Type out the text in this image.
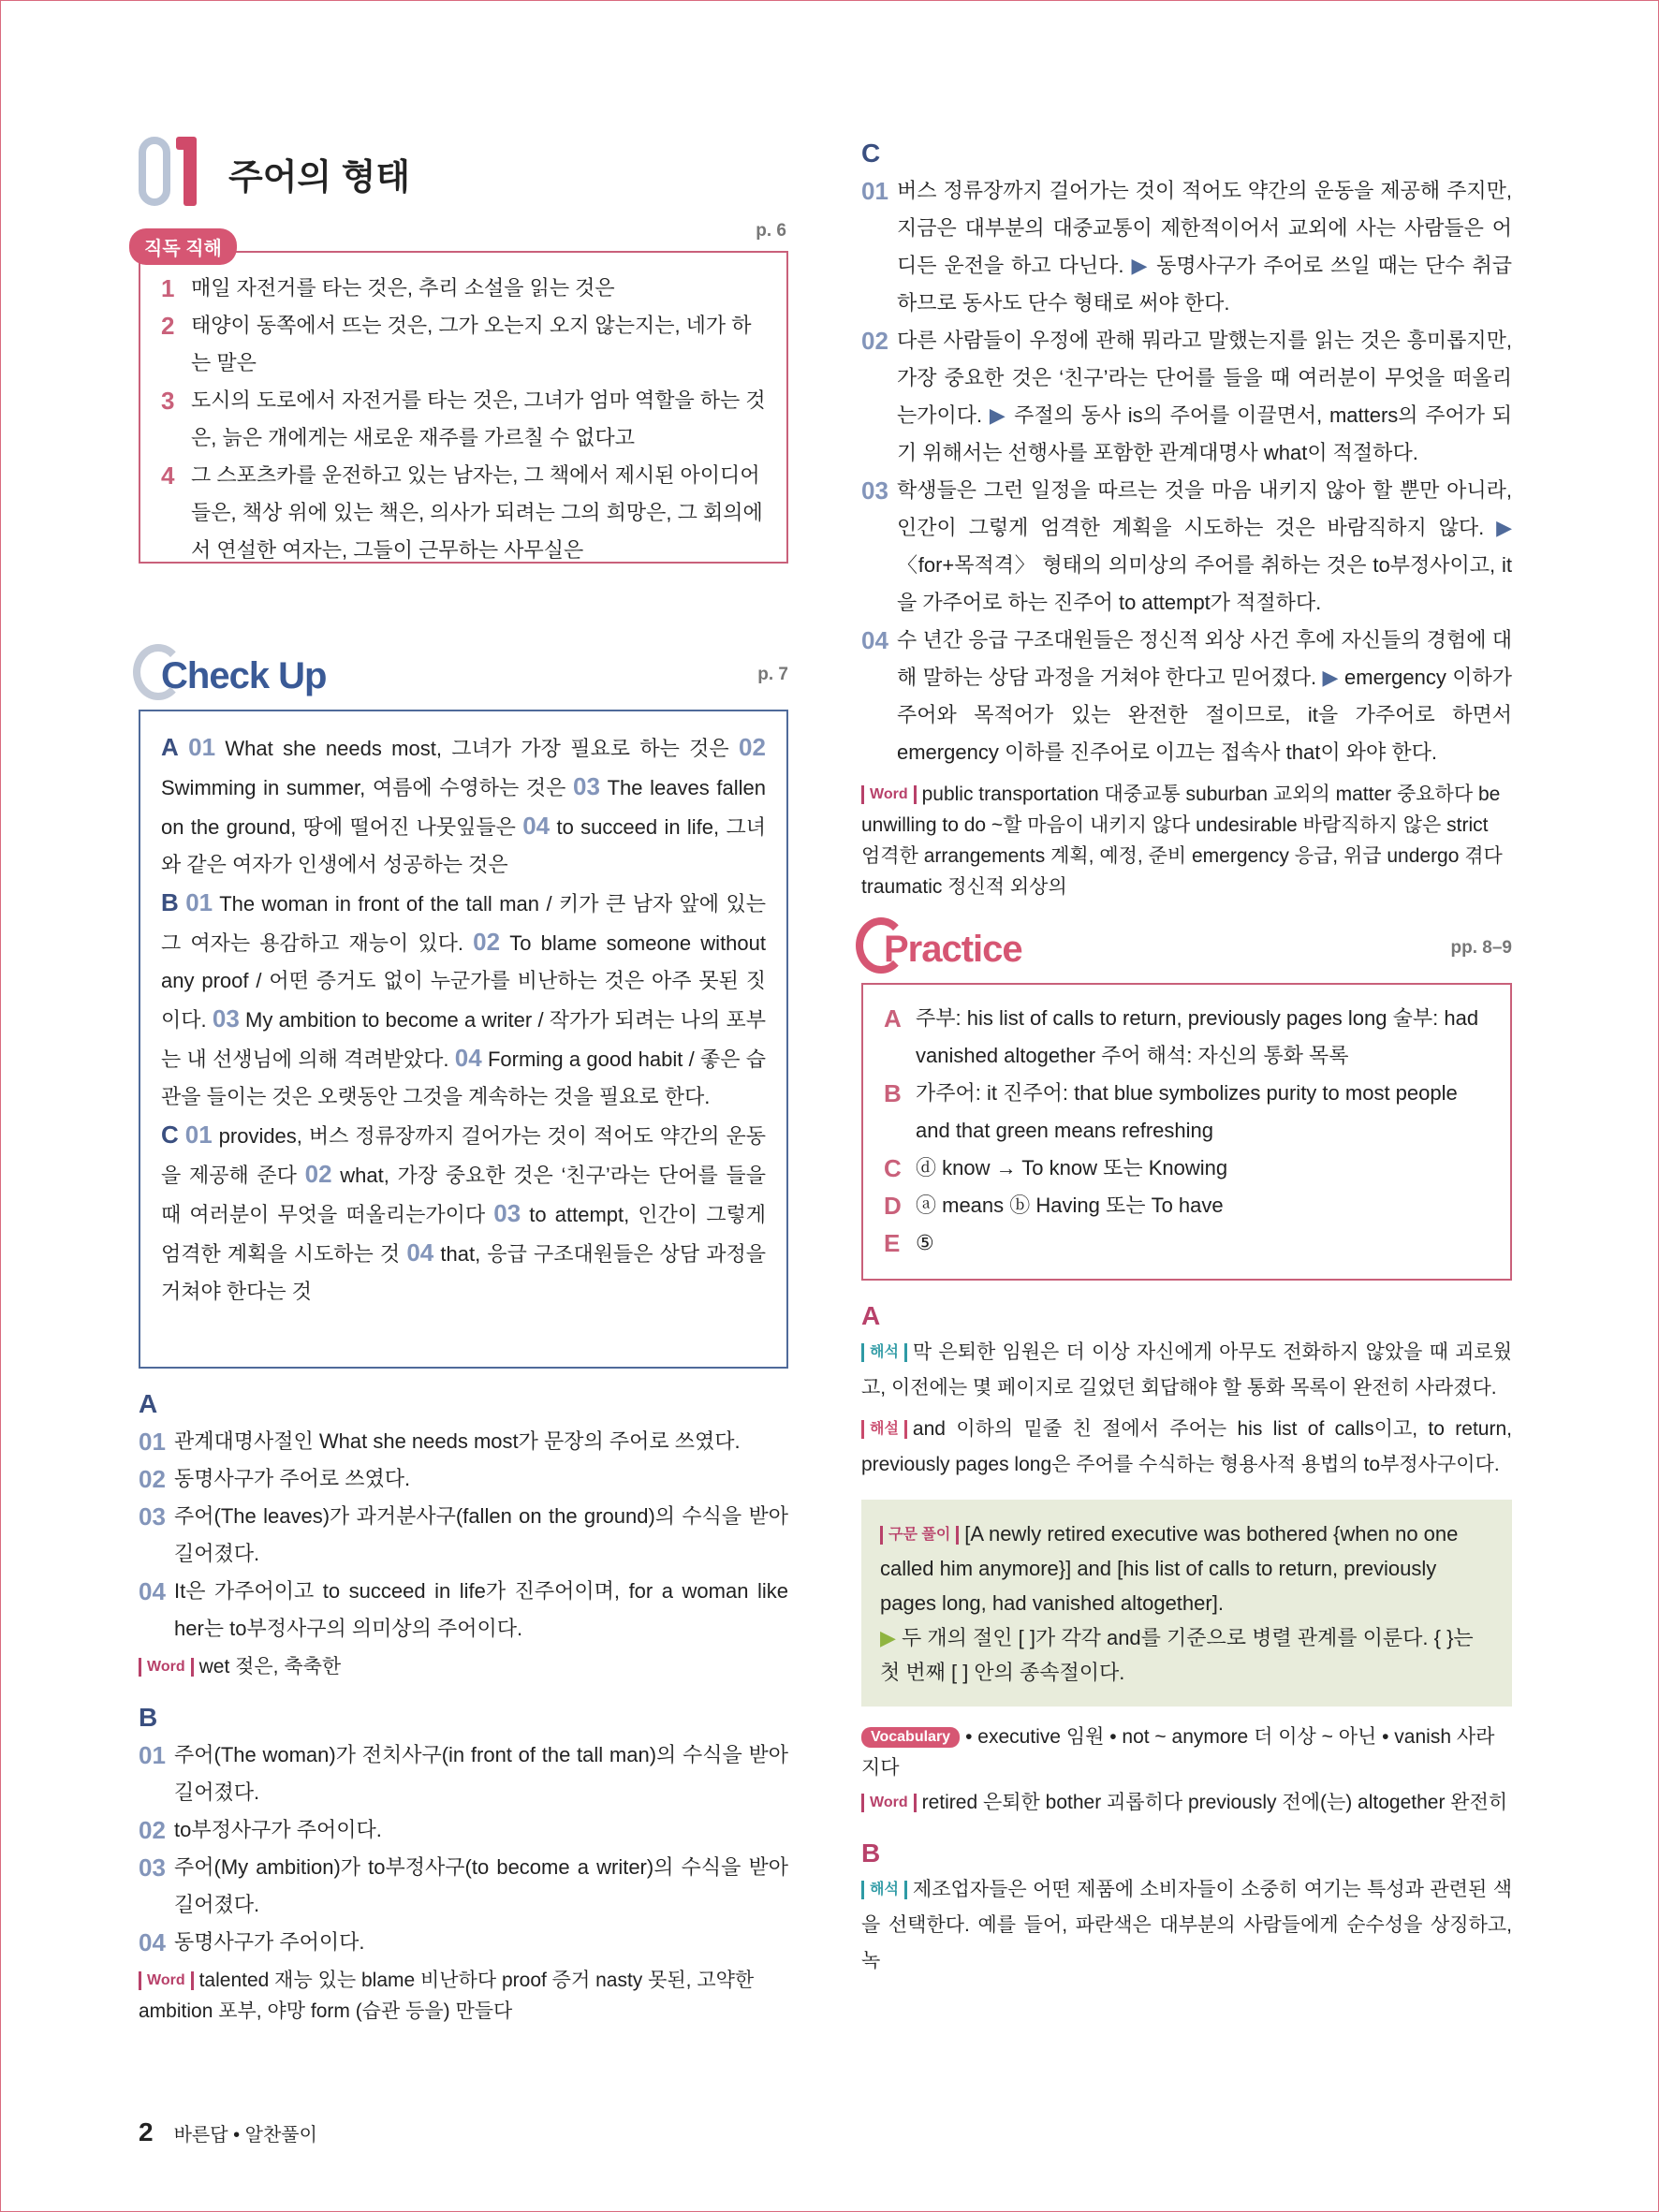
주어의 형태
직독 직해
p. 6
1 매일 자전거를 타는 것은, 추리 소설을 읽는 것은
2 태양이 동쪽에서 뜨는 것은, 그가 오는지 오지 않는지는, 네가 하는 말은
3 도시의 도로에서 자전거를 타는 것은, 그녀가 엄마 역할을 하는 것은, 늙은 개에게는 새로운 재주를 가르칠 수 없다고
4 그 스포츠카를 운전하고 있는 남자는, 그 책에서 제시된 아이디어들은, 책상 위에 있는 책은, 의사가 되려는 그의 희망은, 그 회의에서 연설한 여자는, 그들이 근무하는 사무실은
Check Up	p. 7

A 01 What she needs most, 그녀가 가장 필요로 하는 것은 02 Swimming in summer, 여름에 수영하는 것은 03 The leaves fallen on the ground, 땅에 떨어진 나뭇잎들은 04 to succeed in life, 그녀와 같은 여자가 인생에서 성공하는 것은

B 01 The woman in front of the tall man / 키가 큰 남자 앞에 있는 그 여자는 용감하고 재능이 있다. 02 To blame someone without any proof / 어떤 증거도 없이 누군가를 비난하는 것은 아주 못된 짓이다. 03 My ambition to become a writer / 작가가 되려는 나의 포부는 내 선생님에 의해 격려받았다. 04 Forming a good habit / 좋은 습관을 들이는 것은 오랫동안 그것을 계속하는 것을 필요로 한다.

C 01 provides, 버스 정류장까지 걸어가는 것이 적어도 약간의 운동을 제공해 준다 02 what, 가장 중요한 것은 ‘친구’라는 단어를 들을 때 여러분이 무엇을 떠올리는가이다 03 to attempt, 인간이 그렇게 엄격한 계획을 시도하는 것 04 that, 응급 구조대원들은 상담 과정을 거쳐야 한다는 것

A
01 관계대명사절인 What she needs most가 문장의 주어로 쓰였다.
02 동명사구가 주어로 쓰였다.
03 주어(The leaves)가 과거분사구(fallen on the ground)의 수식을 받아 길어졌다.
04 It은 가주어이고 to succeed in life가 진주어이며, for a woman like her는 to부정사구의 의미상의 주어이다.
Word wet 젖은, 축축한
B
01 주어(The woman)가 전치사구(in front of the tall man)의 수식을 받아 길어졌다.
02 to부정사구가 주어이다.
03 주어(My ambition)가 to부정사구(to become a writer)의 수식을 받아 길어졌다.
04 동명사구가 주어이다.
Word talented 재능 있는 blame 비난하다 proof 증거 nasty 못된, 고약한 ambition 포부, 야망 form (습관 등을) 만들다
C
01 버스 정류장까지 걸어가는 것이 적어도 약간의 운동을 제공해 주지만, 지금은 대부분의 대중교통이 제한적이어서 교외에 사는 사람들은 어디든 운전을 하고 다닌다. ▶ 동명사구가 주어로 쓰일 때는 단수 취급하므로 동사도 단수 형태로 써야 한다.
02 다른 사람들이 우정에 관해 뭐라고 말했는지를 읽는 것은 흥미롭지만, 가장 중요한 것은 ‘친구’라는 단어를 들을 때 여러분이 무엇을 떠올리는가이다. ▶ 주절의 동사 is의 주어를 이끌면서, matters의 주어가 되기 위해서는 선행사를 포함한 관계대명사 what이 적절하다.
03 학생들은 그런 일정을 따르는 것을 마음 내키지 않아 할 뿐만 아니라, 인간이 그렇게 엄격한 계획을 시도하는 것은 바람직하지 않다. ▶ 〈for+목적격〉 형태의 의미상의 주어를 취하는 것은 to부정사이고, it을 가주어로 하는 진주어 to attempt가 적절하다.
04 수 년간 응급 구조대원들은 정신적 외상 사건 후에 자신들의 경험에 대해 말하는 상담 과정을 거쳐야 한다고 믿어졌다. ▶ emergency 이하가 주어와 목적어가 있는 완전한 절이므로, it을 가주어로 하면서 emergency 이하를 진주어로 이끄는 접속사 that이 와야 한다.
Word public transportation 대중교통 suburban 교외의 matter 중요하다 be unwilling to do ~할 마음이 내키지 않다 undesirable 바람직하지 않은 strict 엄격한 arrangements 계획, 예정, 준비 emergency 응급, 위급 undergo 겪다 traumatic 정신적 외상의
Practice	pp. 8–9
A 주부: his list of calls to return, previously pages long 술부: had vanished altogether 주어 해석: 자신의 통화 목록
B 가주어: it 진주어: that blue symbolizes purity to most people and that green means refreshing
C ⓓ know → To know 또는 Knowing
D ⓐ means ⓑ Having 또는 To have
E ⑤
A

해석 막 은퇴한 임원은 더 이상 자신에게 아무도 전화하지 않았을 때 괴로웠고, 이전에는 몇 페이지로 길었던 회답해야 할 통화 목록이 완전히 사라졌다.

해설 and 이하의 밑줄 친 절에서 주어는 his list of calls이고, to return, previously pages long은 주어를 수식하는 형용사적 용법의 to부정사구이다.

구문 풀이 [A newly retired executive was bothered {when no one called him anymore}] and [his list of calls to return, previously pages long, had vanished altogether].
▶ 두 개의 절인 [ ]가 각각 and를 기준으로 병렬 관계를 이룬다. { }는 첫 번째 [ ] 안의 종속절이다.
Vocabulary • executive 임원 • not ~ anymore 더 이상 ~ 아닌 • vanish 사라지다
Word retired 은퇴한 bother 괴롭히다 previously 전에(는) altogether 완전히
B

해석 제조업자들은 어떤 제품에 소비자들이 소중히 여기는 특성과 관련된 색을 선택한다. 예를 들어, 파란색은 대부분의 사람들에게 순수성을 상징하고, 녹

2 바른답 • 알찬풀이
